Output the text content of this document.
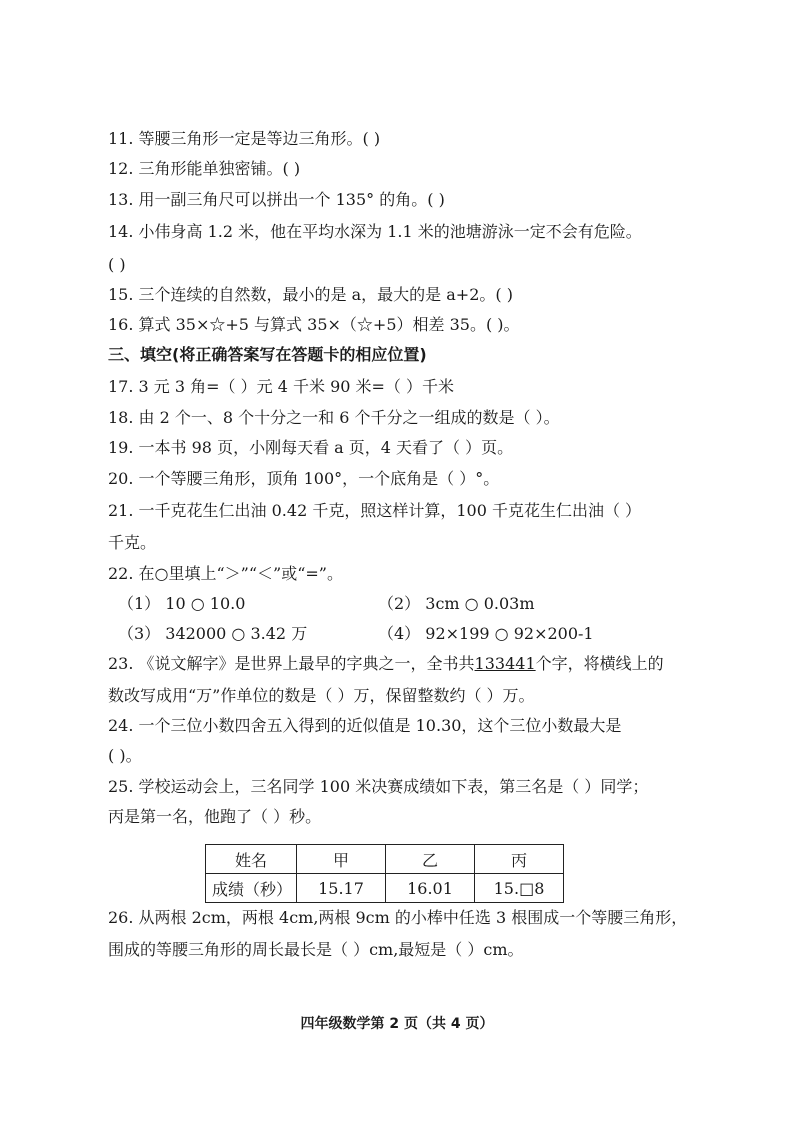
11. 等腰三角形一定是等边三角形。( )
12. 三角形能单独密铺。( )
13. 用一副三角尺可以拼出一个 135° 的角。( )
14. 小伟身高 1.2 米，他在平均水深为 1.1 米的池塘游泳一定不会有危险。
( )
15. 三个连续的自然数，最小的是 a，最大的是 a+2。( )
16. 算式 35×☆+5 与算式 35×（☆+5）相差 35。( )。
三、填空(将正确答案写在答题卡的相应位置)
17. 3 元 3 角=（ ）元 4 千米 90 米=（ ）千米
18. 由 2 个一、8 个十分之一和 6 个千分之一组成的数是（ ）。
19. 一本书 98 页，小刚每天看 a 页，4 天看了（ ）页。
20. 一个等腰三角形，顶角 100°，一个底角是（ ）°。
21. 一千克花生仁出油 0.42 千克，照这样计算，100 千克花生仁出油（ ）
千克。
22. 在○里填上“＞”“＜”或“=”。
（1） 10 ○ 10.0	（2） 3cm ○ 0.03m
（3） 342000 ○ 3.42 万	（4） 92×199 ○ 92×200-1
23. 《说文解字》是世界上最早的字典之一，全书共133441个字，将横线上的
数改写成用“万”作单位的数是（ ）万，保留整数约（ ）万。
24. 一个三位小数四舍五入得到的近似值是 10.30，这个三位小数最大是
( )。
25. 学校运动会上，三名同学 100 米决赛成绩如下表，第三名是（ ）同学；
丙是第一名，他跑了（ ）秒。
姓名	甲	乙	丙
成绩（秒）	15.17	16.01	15.□8
26. 从两根 2cm，两根 4cm,两根 9cm 的小棒中任选 3 根围成一个等腰三角形，
围成的等腰三角形的周长最长是（ ）cm,最短是（ ）cm。
四年级数学第 2 页（共 4 页）
